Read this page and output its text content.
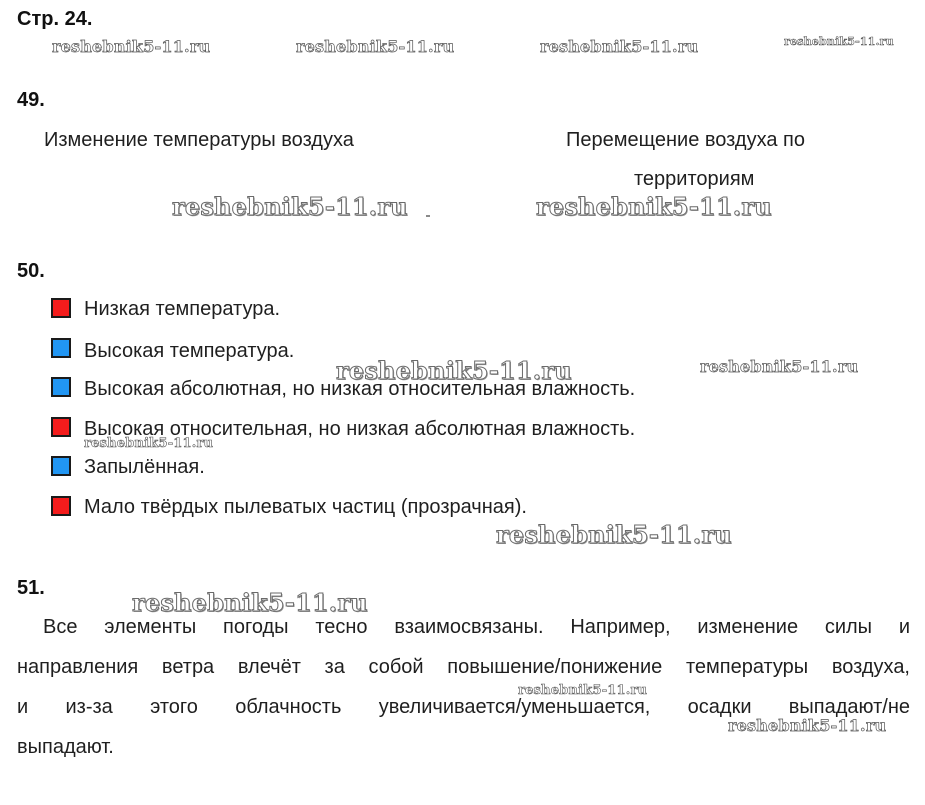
Стр. 24.
reshebnik5-11.ru	reshebnik5-11.ru	reshebnik5-11.ru	reshebnik5-11.ru
49.
Изменение температуры воздуха	Перемещение воздуха по
территориям
reshebnik5-11.ru	reshebnik5-11.ru
50.
Низкая температура.
Высокая температура.
Высокая абсолютная, но низкая относительная влажность.
Высокая относительная, но низкая абсолютная влажность.
Запылённая.
Мало твёрдых пылеватых частиц (прозрачная).
reshebnik5-11.ru	reshebnik5-11.ru
reshebnik5-11.ru
reshebnik5-11.ru
51.	reshebnik5-11.ru
Все элементы погоды тесно взаимосвязаны. Например, изменение силы и
направления ветра влечёт за собой повышение/понижение температуры воздуха,
и из-за этого облачность увеличивается/уменьшается, осадки выпадают/не
выпадают.
reshebnik5-11.ru
reshebnik5-11.ru
